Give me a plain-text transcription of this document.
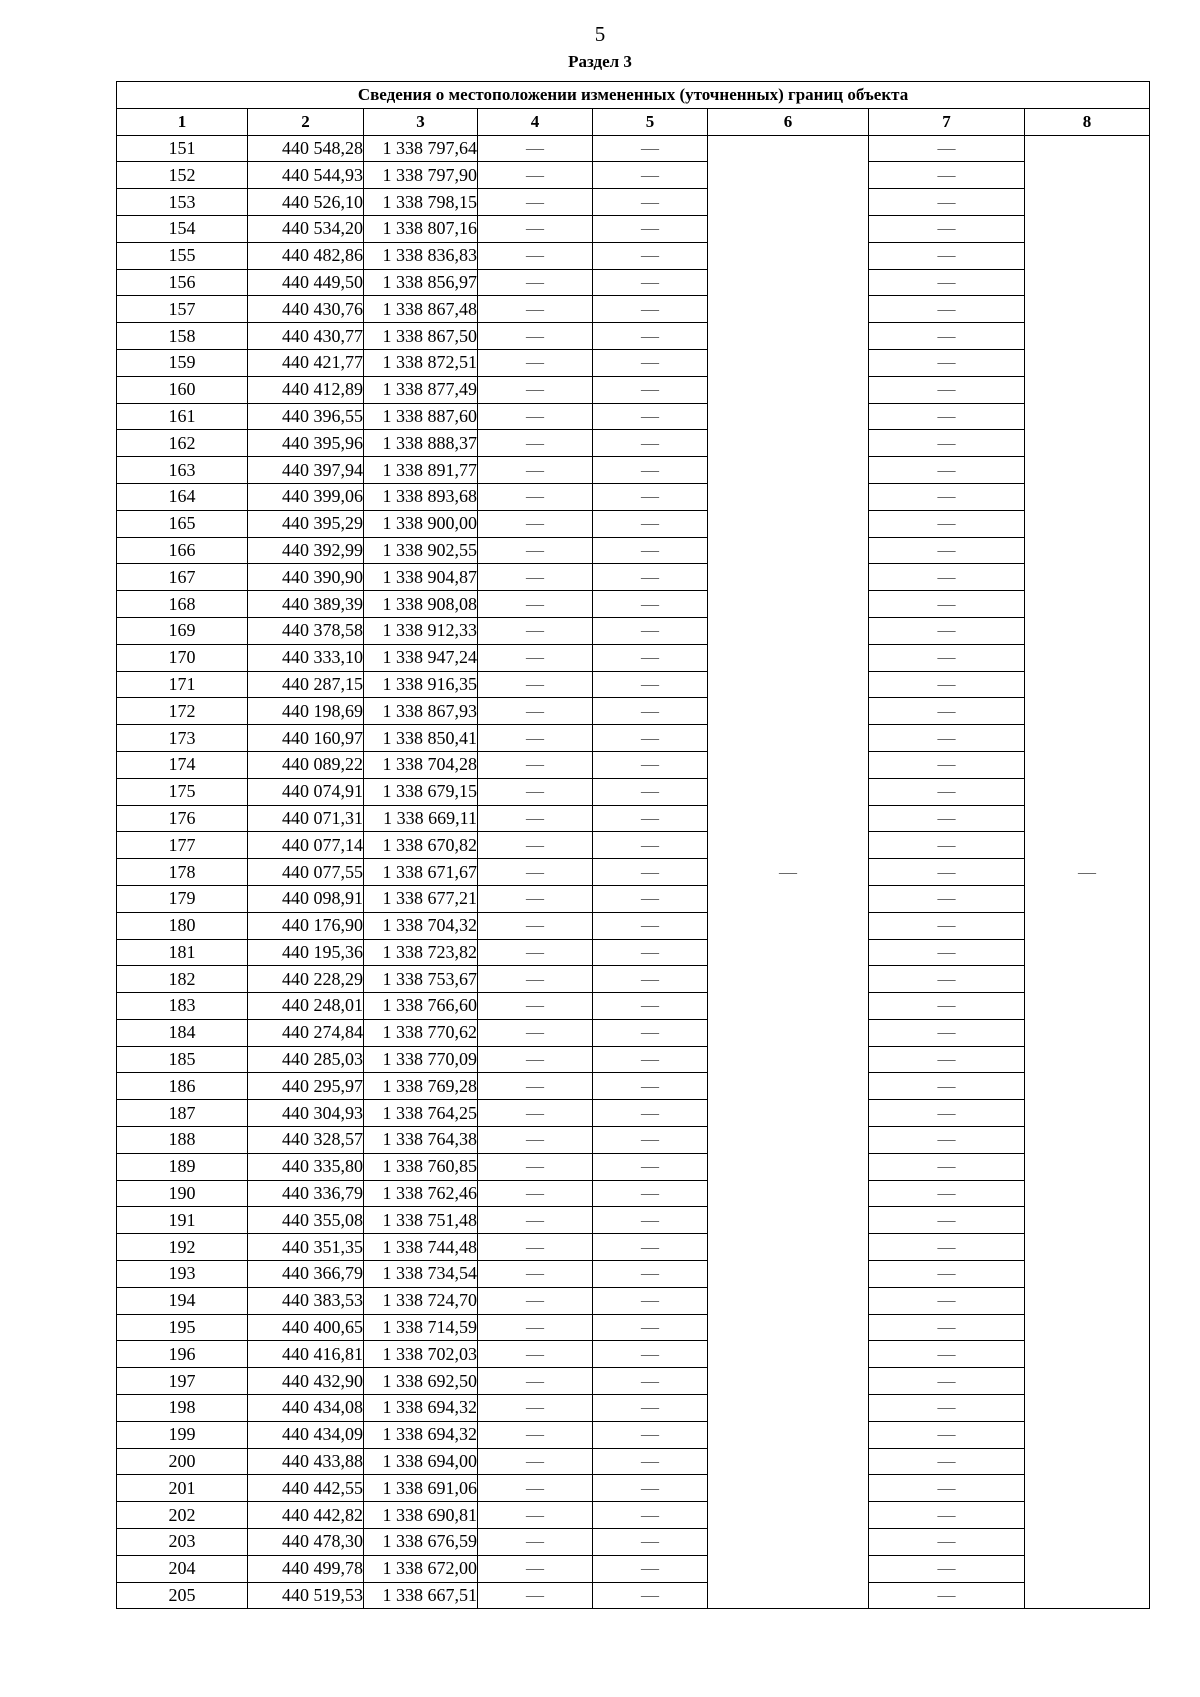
5
Раздел 3
Сведения о местоположении измененных (уточненных) границ объекта							
1	2	3	4	5	6	7	8
151	440 548,28	1 338 797,64	—	—	—	—	—
152	440 544,93	1 338 797,90	—	—		—	
153	440 526,10	1 338 798,15	—	—		—	
154	440 534,20	1 338 807,16	—	—		—	
155	440 482,86	1 338 836,83	—	—		—	
156	440 449,50	1 338 856,97	—	—		—	
157	440 430,76	1 338 867,48	—	—		—	
158	440 430,77	1 338 867,50	—	—		—	
159	440 421,77	1 338 872,51	—	—		—	
160	440 412,89	1 338 877,49	—	—		—	
161	440 396,55	1 338 887,60	—	—		—	
162	440 395,96	1 338 888,37	—	—		—	
163	440 397,94	1 338 891,77	—	—		—	
164	440 399,06	1 338 893,68	—	—		—	
165	440 395,29	1 338 900,00	—	—		—	
166	440 392,99	1 338 902,55	—	—		—	
167	440 390,90	1 338 904,87	—	—		—	
168	440 389,39	1 338 908,08	—	—		—	
169	440 378,58	1 338 912,33	—	—		—	
170	440 333,10	1 338 947,24	—	—		—	
171	440 287,15	1 338 916,35	—	—		—	
172	440 198,69	1 338 867,93	—	—		—	
173	440 160,97	1 338 850,41	—	—		—	
174	440 089,22	1 338 704,28	—	—		—	
175	440 074,91	1 338 679,15	—	—		—	
176	440 071,31	1 338 669,11	—	—		—	
177	440 077,14	1 338 670,82	—	—		—	
178	440 077,55	1 338 671,67	—	—		—	
179	440 098,91	1 338 677,21	—	—		—	
180	440 176,90	1 338 704,32	—	—		—	
181	440 195,36	1 338 723,82	—	—		—	
182	440 228,29	1 338 753,67	—	—		—	
183	440 248,01	1 338 766,60	—	—		—	
184	440 274,84	1 338 770,62	—	—		—	
185	440 285,03	1 338 770,09	—	—		—	
186	440 295,97	1 338 769,28	—	—		—	
187	440 304,93	1 338 764,25	—	—		—	
188	440 328,57	1 338 764,38	—	—		—	
189	440 335,80	1 338 760,85	—	—		—	
190	440 336,79	1 338 762,46	—	—		—	
191	440 355,08	1 338 751,48	—	—		—	
192	440 351,35	1 338 744,48	—	—		—	
193	440 366,79	1 338 734,54	—	—		—	
194	440 383,53	1 338 724,70	—	—		—	
195	440 400,65	1 338 714,59	—	—		—	
196	440 416,81	1 338 702,03	—	—		—	
197	440 432,90	1 338 692,50	—	—		—	
198	440 434,08	1 338 694,32	—	—		—	
199	440 434,09	1 338 694,32	—	—		—	
200	440 433,88	1 338 694,00	—	—		—	
201	440 442,55	1 338 691,06	—	—		—	
202	440 442,82	1 338 690,81	—	—		—	
203	440 478,30	1 338 676,59	—	—		—	
204	440 499,78	1 338 672,00	—	—		—	
205	440 519,53	1 338 667,51	—	—		—	
